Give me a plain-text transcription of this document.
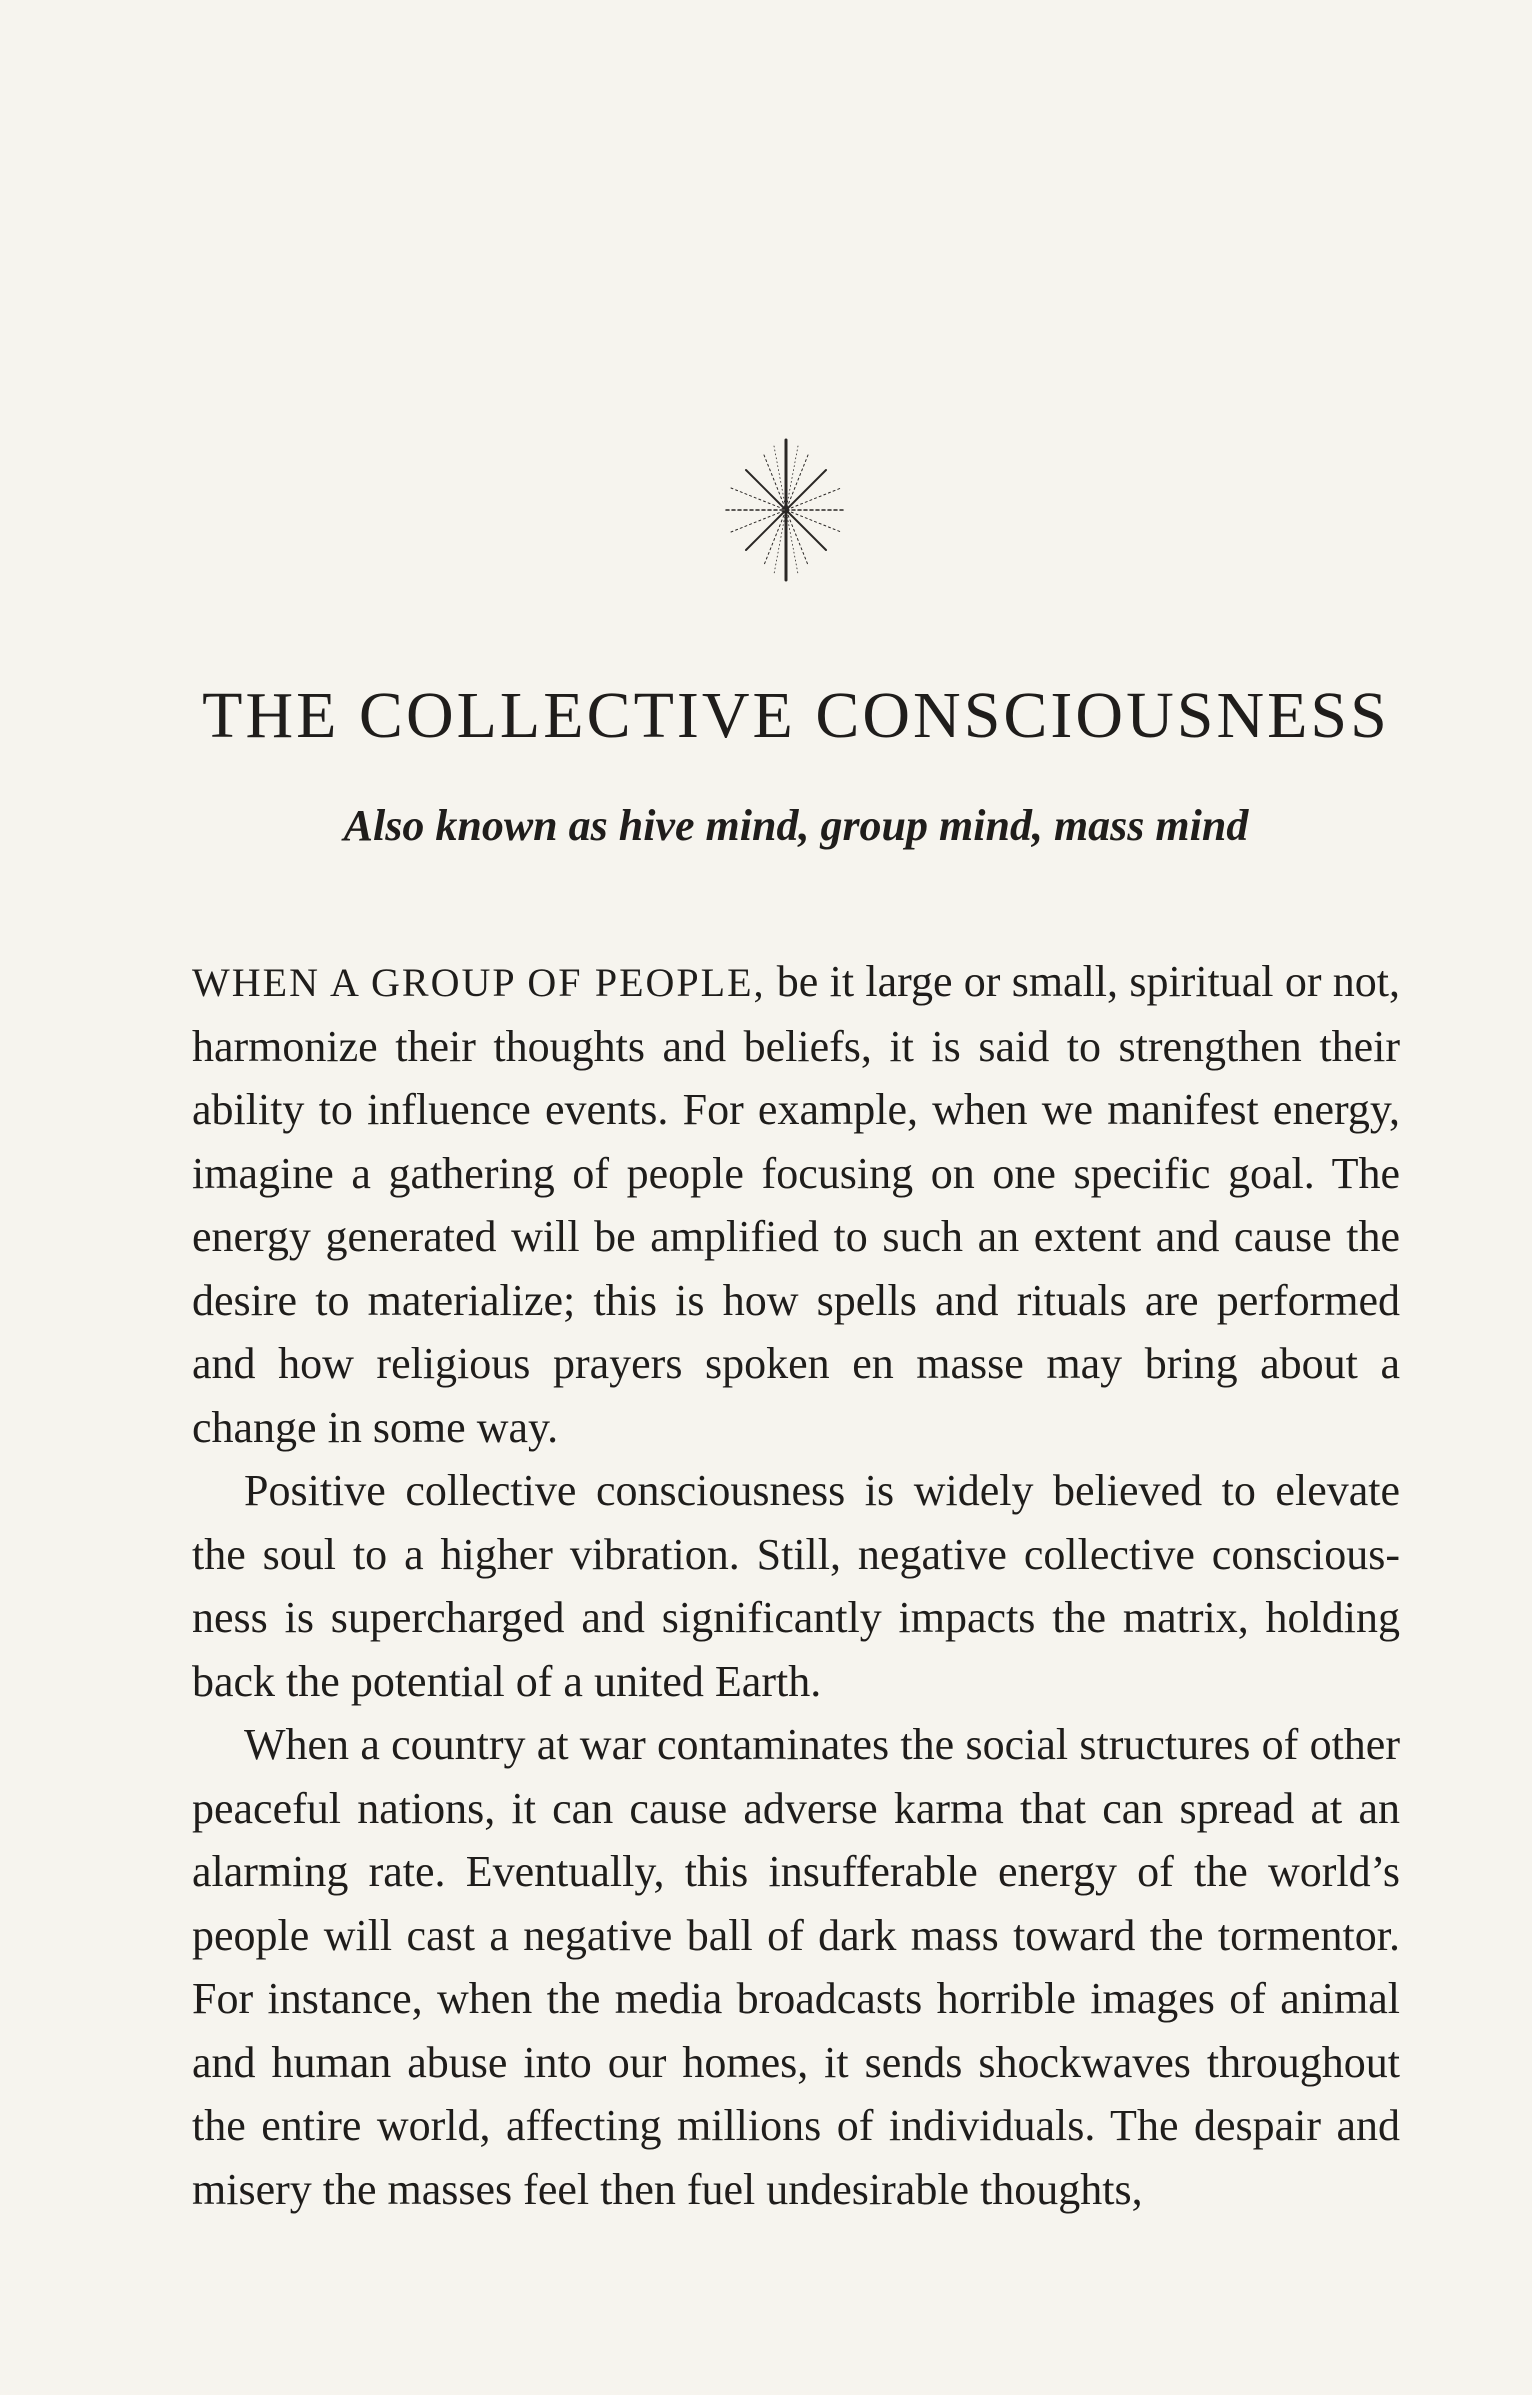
THE COLLECTIVE CONSCIOUSNESS
Also known as hive mind, group mind, mass mind

WHEN A GROUP OF PEOPLE, be it large or small, spiritual or not, harmonize their thoughts and beliefs, it is said to strengthen their ability to influence events. For example, when we manifest energy, imagine a gathering of people focusing on one specific goal. The energy generated will be amplified to such an extent and cause the desire to materialize; this is how spells and rituals are performed and how religious prayers spoken en masse may bring about a change in some way.

Positive collective consciousness is widely believed to elevate the soul to a higher vibration. Still, negative collective consciousness is supercharged and significantly impacts the matrix, holding back the potential of a united Earth.

When a country at war contaminates the social structures of other peaceful nations, it can cause adverse karma that can spread at an alarming rate. Eventually, this insufferable energy of the world’s people will cast a negative ball of dark mass toward the tormentor. For instance, when the media broadcasts horrible images of animal and human abuse into our homes, it sends shockwaves throughout the entire world, affecting millions of individuals. The despair and misery the masses feel then fuel undesirable thoughts,
